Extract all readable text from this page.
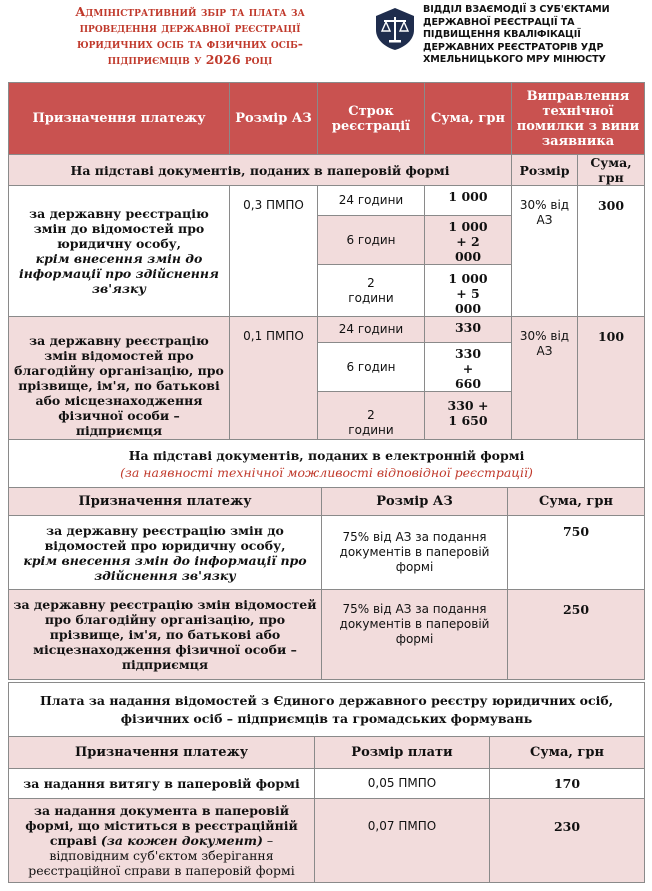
Адміністративний збір та плата за проведення державної реєстрації юридичних осіб та фізичних осіб-підприємців у 2026 році
ВІДДІЛ ВЗАЄМОДІЇ З СУБ'ЄКТАМИ ДЕРЖАВНОЇ РЕЄСТРАЦІЇ ТА ПІДВИЩЕННЯ КВАЛІФІКАЦІЇ ДЕРЖАВНИХ РЕЄСТРАТОРІВ УДР ХМЕЛЬНИЦЬКОГО МРУ МІНЮСТУ
Призначення платежу	Розмір АЗ	Строк реєстрації	Сума, грн	Виправлення технічної помилки з вини заявника	
На підставі документів, поданих в паперовій формі				Розмір	Сума, грн
за державну реєстрацію змін до відомостей про юридичну особу,
крім внесення змін до інформації про здійснення зв'язку	0,3 ПМПО	24 години	1 000	30% від АЗ	300
		6 годин	1 000 + 2 000		
		2 години	1 000 + 5 000		
за державну реєстрацію змін відомостей про благодійну організацію, про прізвище, ім'я, по батькові або місцезнаходження фізичної особи – підприємця	0,1 ПМПО	24 години	330	30% від АЗ	100
		6 годин	330 + 660		
		2 години	330 + 1 650		
На підставі документів, поданих в електронній формі
(за наявності технічної можливості відповідної реєстрації)		
Призначення платежу	Розмір АЗ	Сума, грн
за державну реєстрацію змін до відомостей про юридичну особу,
крім внесення змін до інформації про здійснення зв'язку	75% від АЗ за подання документів в паперовій формі	750
за державну реєстрацію змін відомостей про благодійну організацію, про прізвище, ім'я, по батькові або місцезнаходження фізичної особи – підприємця	75% від АЗ за подання документів в паперовій формі	250
Плата за надання відомостей з Єдиного державного реєстру юридичних осіб, фізичних осіб – підприємців та громадських формувань		
Призначення платежу	Розмір плати	Сума, грн
за надання витягу в паперовій формі	0,05 ПМПО	170
за надання документа в паперовій формі, що міститься в реєстраційній справі (за кожен документ) – відповідним суб'єктом зберігання реєстраційної справи в паперовій формі	0,07 ПМПО	230
